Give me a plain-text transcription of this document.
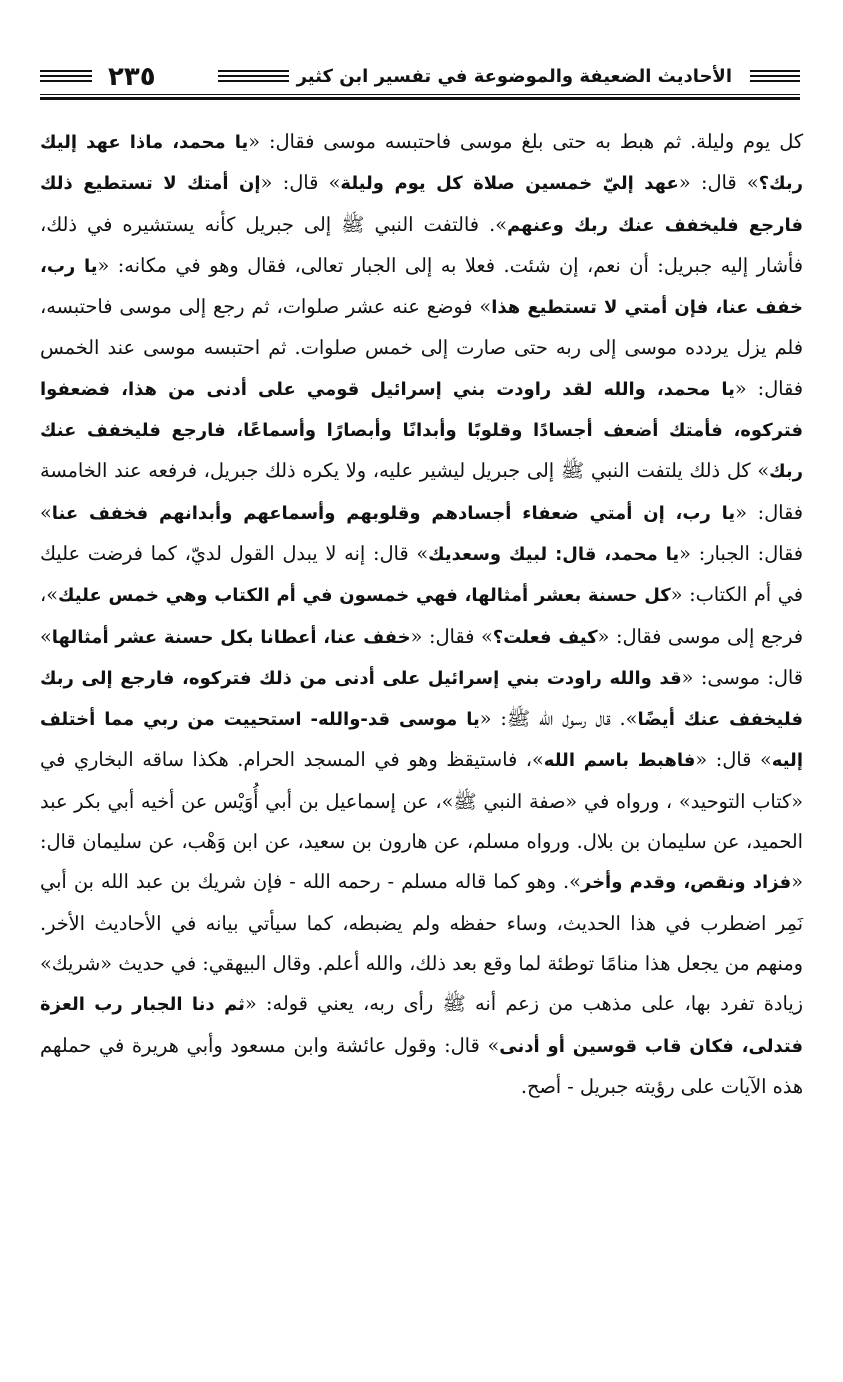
الأحاديث الضعيفة والموضوعة في تفسير ابن كثير
٢٣٥

كل يوم وليلة. ثم هبط به حتى بلغ موسى فاحتبسه موسى فقال: «يا محمد، ماذا عهد إليك ربك؟» قال: «عهد إليّ خمسين صلاة كل يوم وليلة» قال: «إن أمتك لا تستطيع ذلك فارجع فليخفف عنك ربك وعنهم». فالتفت النبي ﷺ إلى جبريل كأنه يستشيره في ذلك، فأشار إليه جبريل: أن نعم، إن شئت. فعلا به إلى الجبار تعالى، فقال وهو في مكانه: «يا رب، خفف عنا، فإن أمتي لا تستطيع هذا» فوضع عنه عشر صلوات، ثم رجع إلى موسى فاحتبسه، فلم يزل يردده موسى إلى ربه حتى صارت إلى خمس صلوات. ثم احتبسه موسى عند الخمس فقال: «يا محمد، والله لقد راودت بني إسرائيل قومي على أدنى من هذا، فضعفوا فتركوه، فأمتك أضعف أجسادًا وقلوبًا وأبدانًا وأبصارًا وأسماعًا، فارجع فليخفف عنك ربك» كل ذلك يلتفت النبي ﷺ إلى جبريل ليشير عليه، ولا يكره ذلك جبريل، فرفعه عند الخامسة فقال: «يا رب، إن أمتي ضعفاء أجسادهم وقلوبهم وأسماعهم وأبدانهم فخفف عنا» فقال: الجبار: «يا محمد، قال: لبيك وسعديك» قال: إنه لا يبدل القول لديّ، كما فرضت عليك في أم الكتاب: «كل حسنة بعشر أمثالها، فهي خمسون في أم الكتاب وهي خمس عليك»، فرجع إلى موسى فقال: «كيف فعلت؟» فقال: «خفف عنا، أعطانا بكل حسنة عشر أمثالها» قال: موسى: «قد والله راودت بني إسرائيل على أدنى من ذلك فتركوه، فارجع إلى ربك فليخفف عنك أيضًا». قال رسول الله ﷺ: «يا موسى قد-والله- استحييت من ربي مما أختلف إليه» قال: «فاهبط باسم الله»، فاستيقظ وهو في المسجد الحرام. هكذا ساقه البخاري في «كتاب التوحيد» ، ورواه في «صفة النبي ﷺ»، عن إسماعيل بن أبي أُوَيْس عن أخيه أبي بكر عبد الحميد، عن سليمان بن بلال. ورواه مسلم، عن هارون بن سعيد، عن ابن وَهْب، عن سليمان قال: «فزاد ونقص، وقدم وأخر». وهو كما قاله مسلم - رحمه الله - فإن شريك بن عبد الله بن أبي نَمِر اضطرب في هذا الحديث، وساء حفظه ولم يضبطه، كما سيأتي بيانه في الأحاديث الأخر. ومنهم من يجعل هذا منامًا توطئة لما وقع بعد ذلك، والله أعلم. وقال البيهقي: في حديث «شريك» زيادة تفرد بها، على مذهب من زعم أنه ﷺ رأى ربه، يعني قوله: «ثم دنا الجبار رب العزة فتدلى، فكان قاب قوسين أو أدنى» قال: وقول عائشة وابن مسعود وأبي هريرة في حملهم هذه الآيات على رؤيته جبريل - أصح.
